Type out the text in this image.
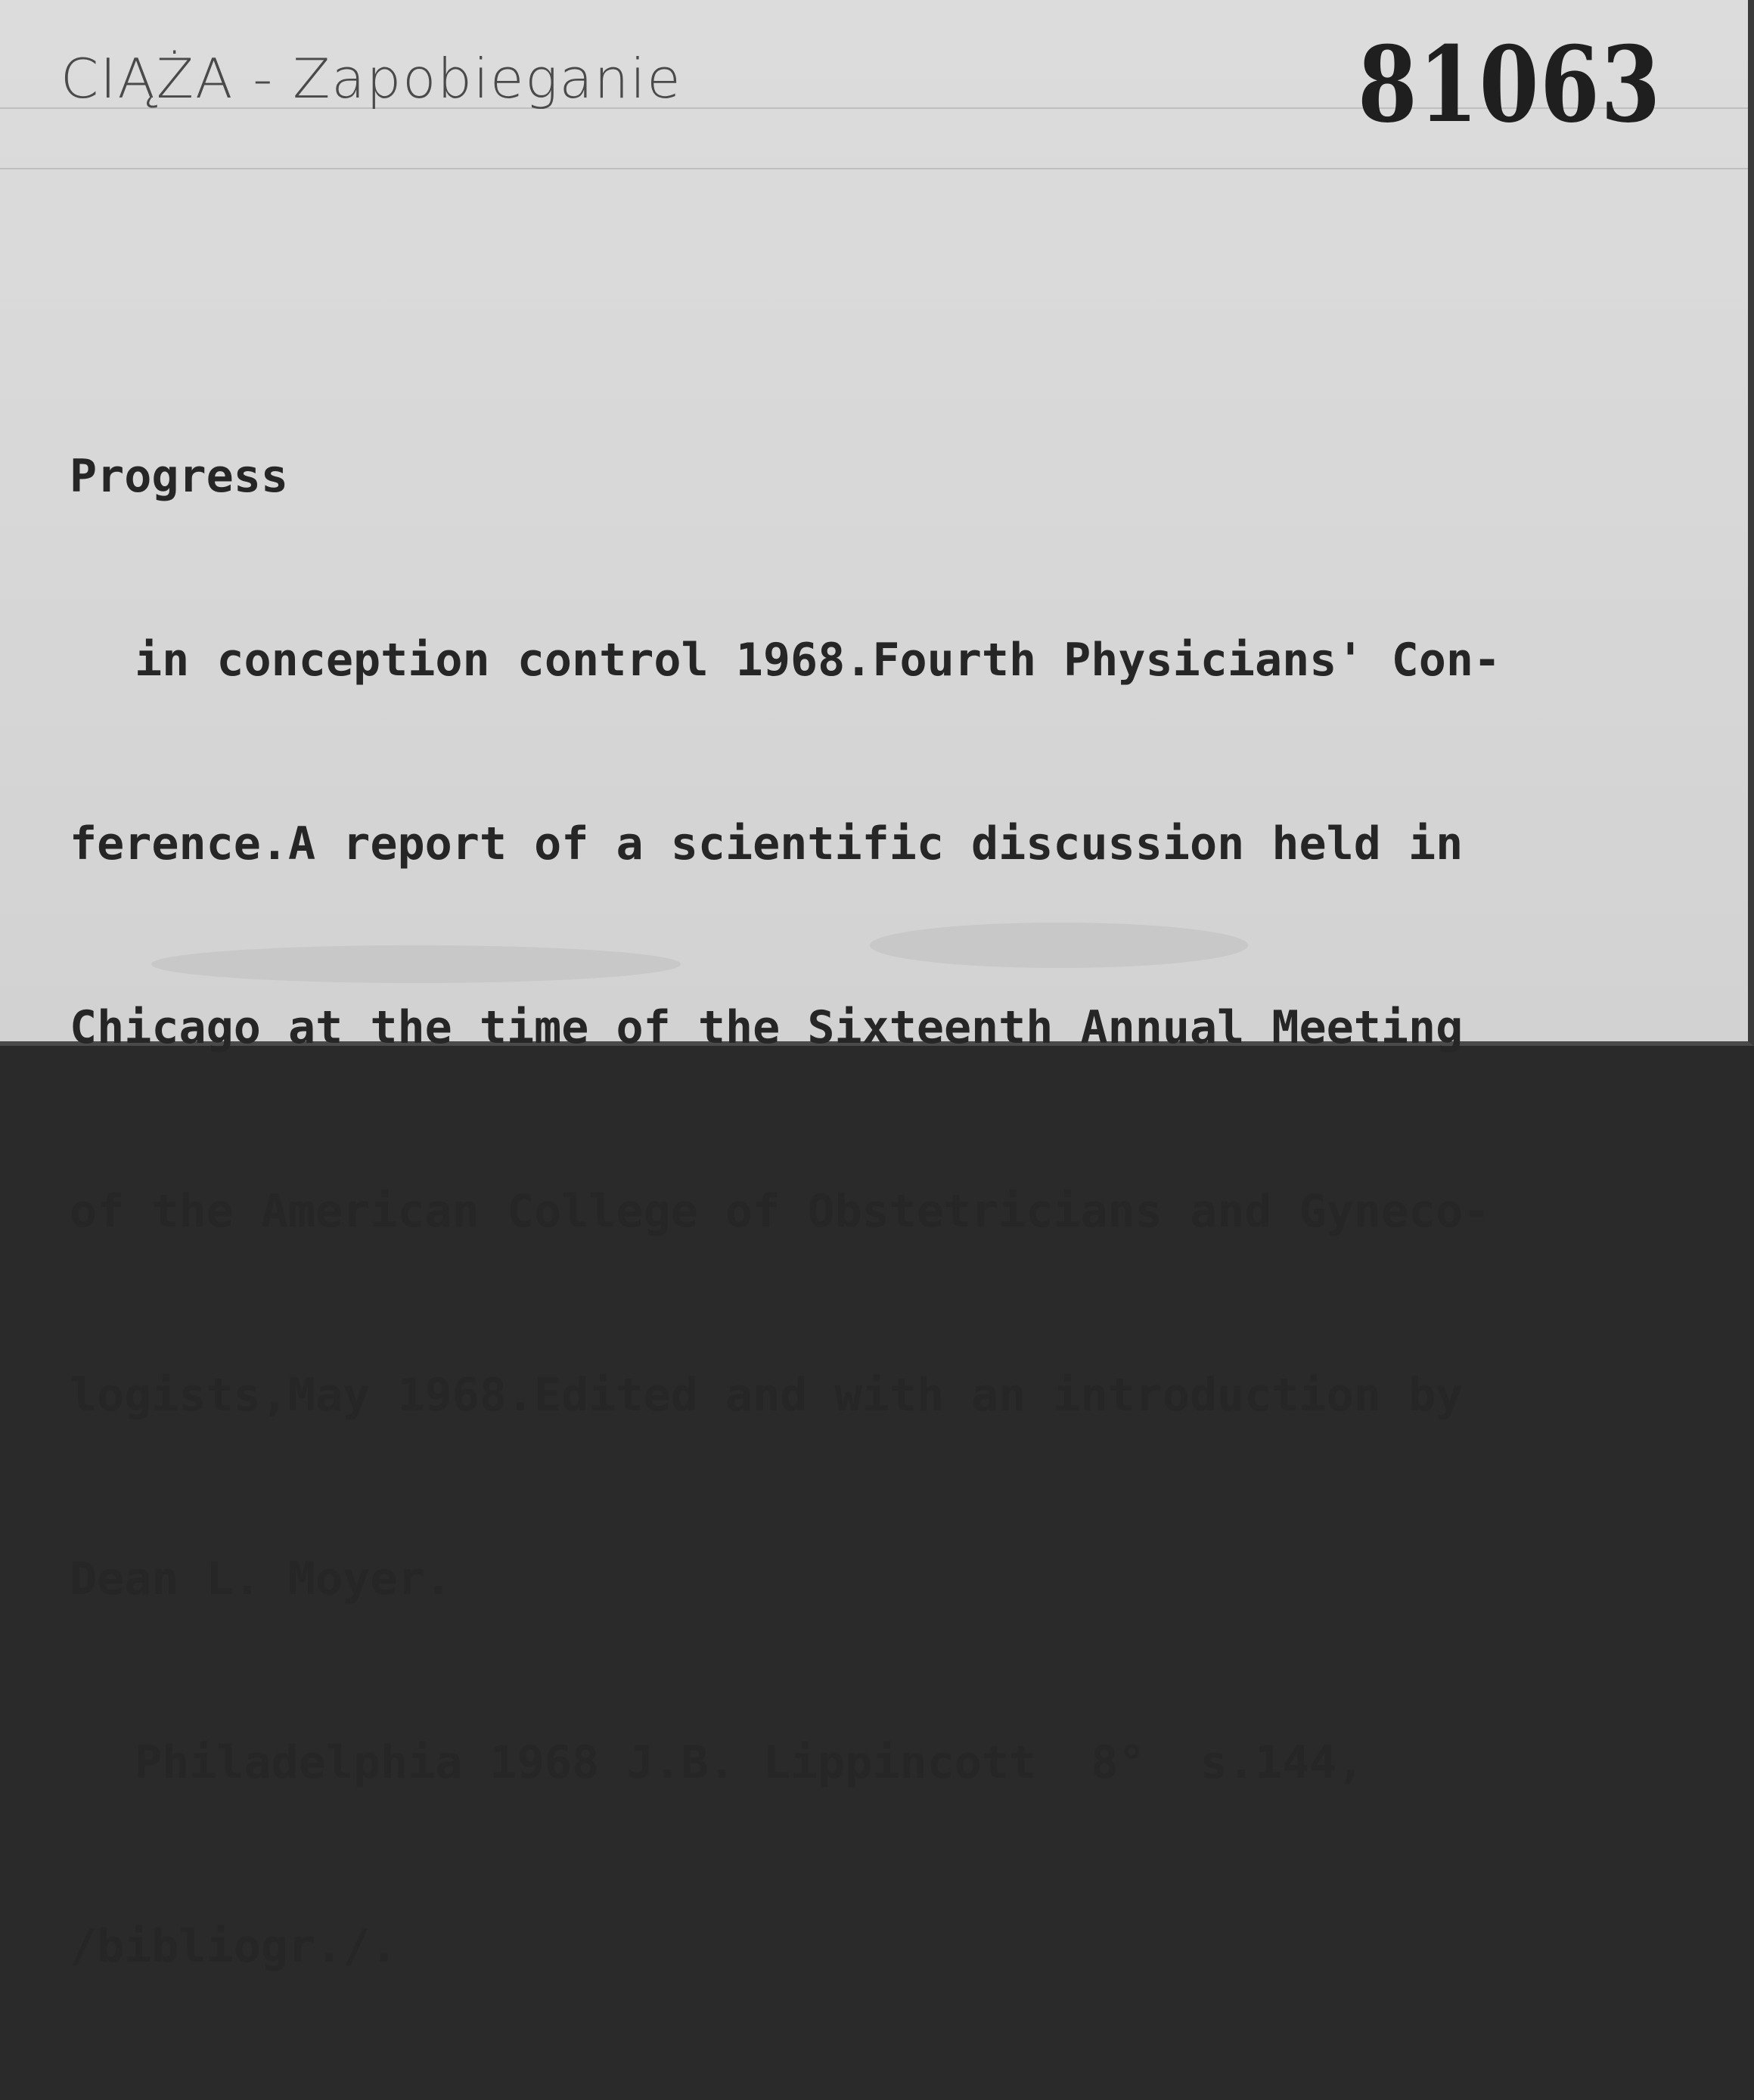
CIĄŻA - Zapobieganie	81063

Progress

in conception control 1968.Fourth Physicians' Con-

ference.A report of a scientific discussion held in

Chicago at the time of the Sixteenth Annual Meeting

of the American College of Obstetricians and Gyneco-

logists,May 1968.Edited and with an introduction by

Dean L. Moyer.

Philadelphia 1968 J.B. Lippincott  8°  s.144,

/bibliogr./.
